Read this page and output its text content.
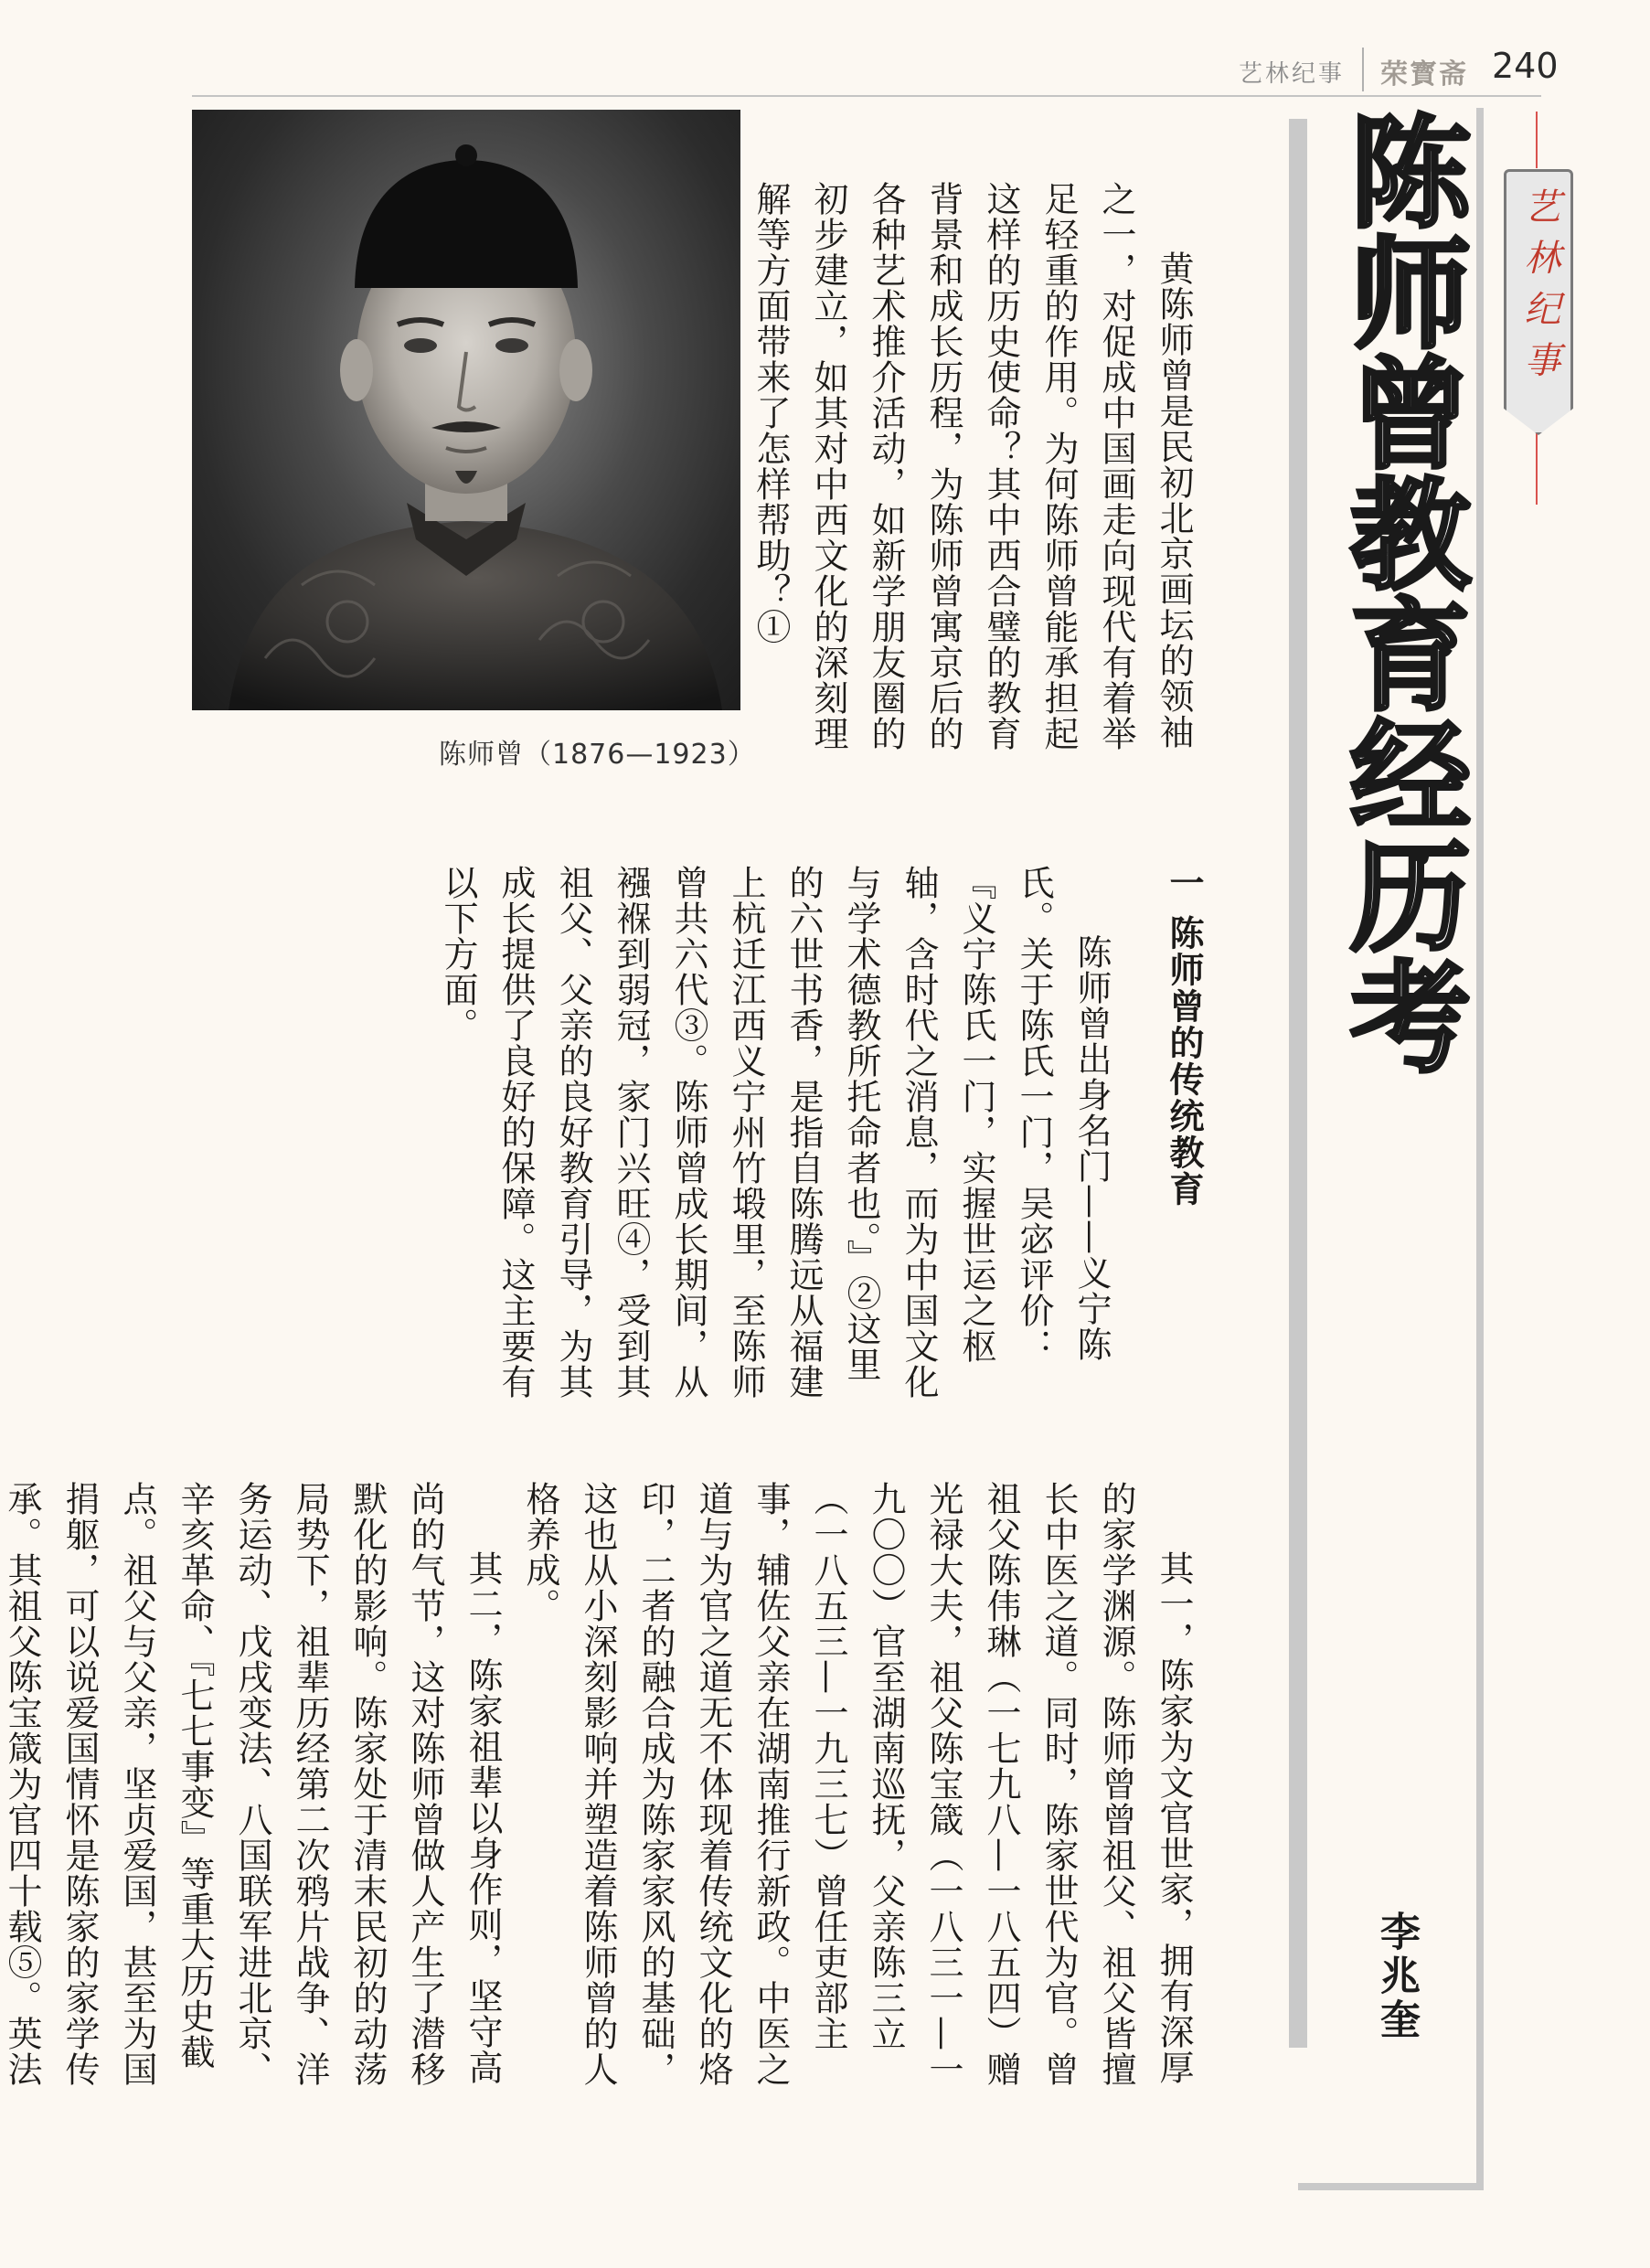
艺林纪事 荣寳斋 240
陈师曾教育经历考
李兆奎
艺林纪事
陈师曾（1876—1923）

黄陈师曾是民初北京画坛的领袖之一，对促成中国画走向现代有着举足轻重的作用。为何陈师曾能承担起这样的历史使命？其中西合璧的教育背景和成长历程，为陈师曾寓京后的各种艺术推介活动，如新学朋友圈的初步建立，如其对中西文化的深刻理解等方面带来了怎样帮助？①

一 陈师曾的传统教育

陈师曾出身名门——义宁陈氏。关于陈氏一门，吴宓评价：『义宁陈氏一门，实握世运之枢轴，含时代之消息，而为中国文化与学术德教所托命者也。』②这里的六世书香，是指自陈腾远从福建上杭迁江西义宁州竹塅里，至陈师曾共六代③。陈师曾成长期间，从襁褓到弱冠，家门兴旺④，受到其祖父、父亲的良好教育引导，为其成长提供了良好的保障。这主要有以下方面。

其一，陈家为文官世家，拥有深厚的家学渊源。陈师曾曾祖父、祖父皆擅长中医之道。同时，陈家世代为官。曾祖父陈伟琳（一七九八—一八五四）赠光禄大夫，祖父陈宝箴（一八三一—一九〇〇）官至湖南巡抚，父亲陈三立（一八五三—一九三七）曾任吏部主事，辅佐父亲在湖南推行新政。中医之道与为官之道无不体现着传统文化的烙印，二者的融合成为陈家家风的基础，这也从小深刻影响并塑造着陈师曾的人格养成。

其二，陈家祖辈以身作则，坚守高尚的气节，这对陈师曾做人产生了潜移默化的影响。陈家处于清末民初的动荡局势下，祖辈历经第二次鸦片战争、洋务运动、戊戌变法、八国联军进北京、辛亥革命、『七七事变』等重大历史截点。祖父与父亲，坚贞爱国，甚至为国捐躯，可以说爱国情怀是陈家的家学传承。其祖父陈宝箴为官四十载⑤。英法
